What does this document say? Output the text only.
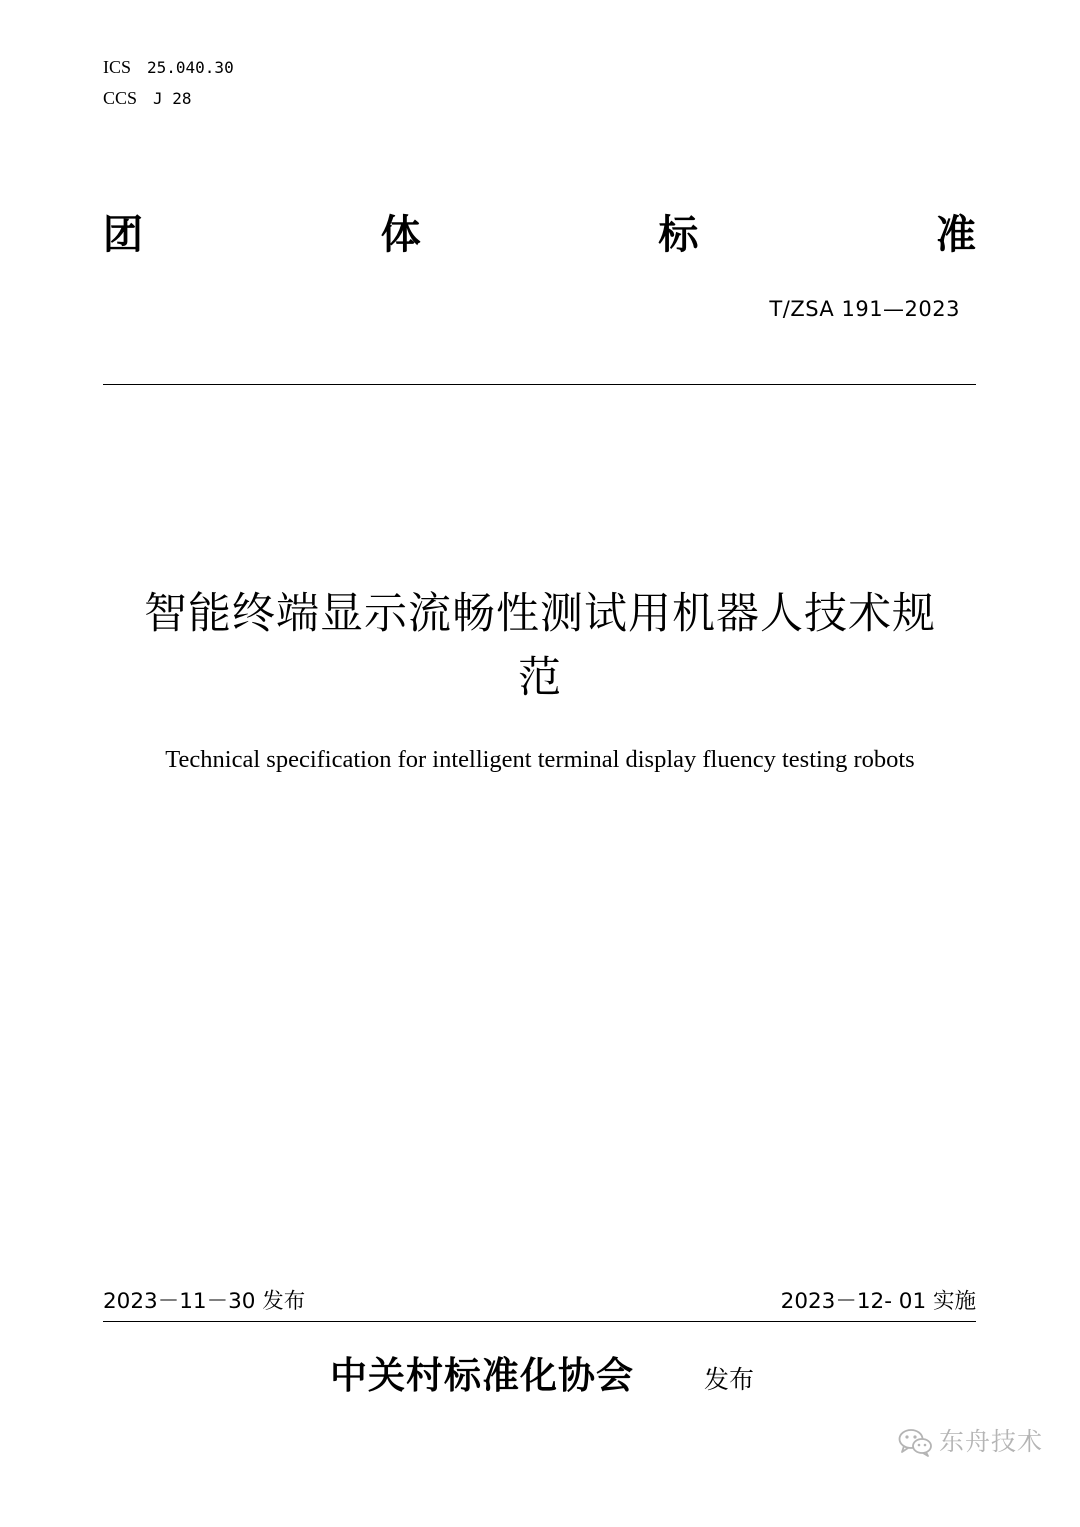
ICS 25.040.30
CCS J 28
团	体	标	准
T/ZSA 191—2023
智能终端显示流畅性测试用机器人技术规
范
Technical specification for intelligent terminal display fluency testing robots
2023－11－30 发布	2023－12- 01 实施
中关村标准化协会	发布
东舟技术
